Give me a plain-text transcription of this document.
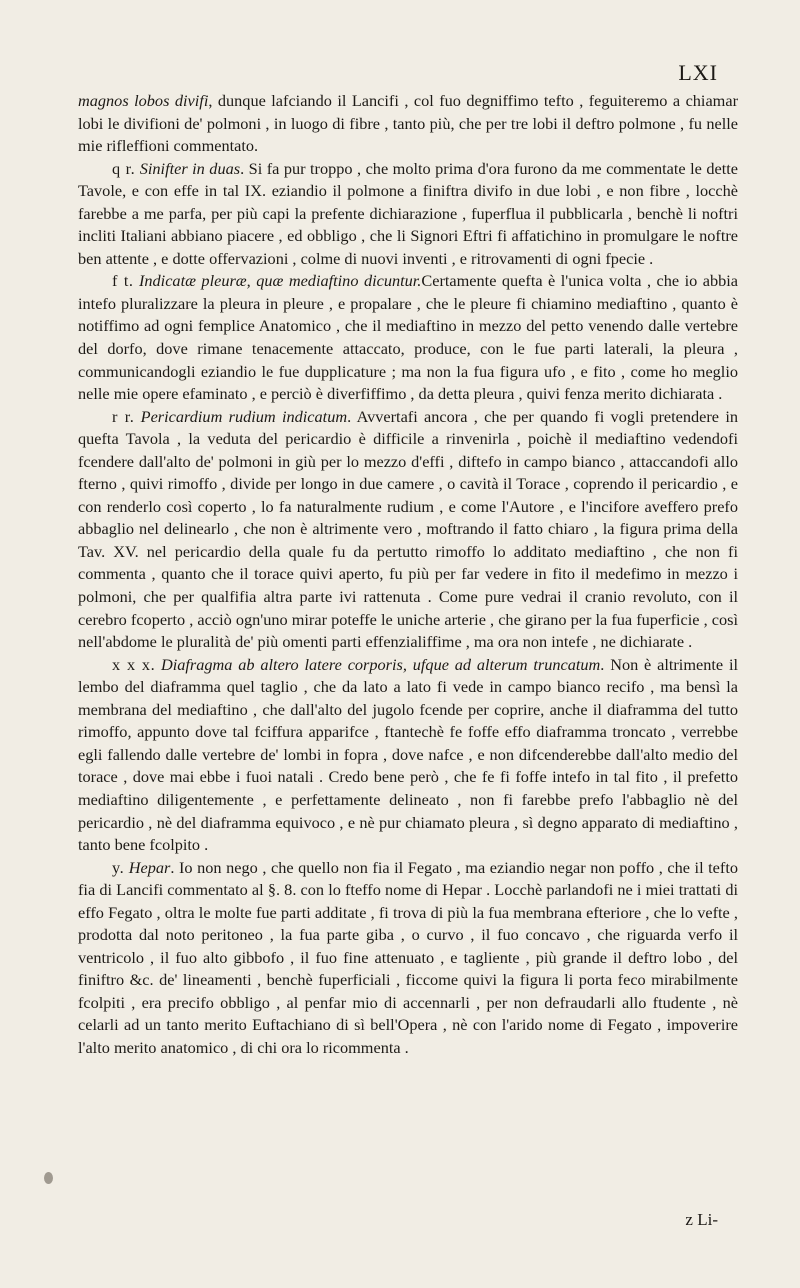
LXI

magnos lobos divifi, dunque lafciando il Lancifi , col fuo degniffimo tefto , feguiteremo a chiamar lobi le divifioni de' polmoni , in luogo di fibre , tanto più, che per tre lobi il deftro polmone , fu nelle mie rifleffioni commentato.

q r. Sinifter in duas. Si fa pur troppo , che molto prima d'ora furono da me commentate le dette Tavole, e con effe in tal IX. eziandio il polmone a finiftra divifo in due lobi , e non fibre , locchè farebbe a me parfa, per più capi la prefente dichiarazione , fuperflua il pubblicarla , benchè li noftri incliti Italiani abbiano piacere , ed obbligo , che li Signori Eftri fi affatichino in promulgare le noftre ben attente , e dotte offervazioni , colme di nuovi inventi , e ritrovamenti di ogni fpecie .

f t. Indicatæ pleuræ, quæ mediaftino dicuntur.Certamente quefta è l'unica volta , che io abbia intefo pluralizzare la pleura in pleure , e propalare , che le pleure fi chiamino mediaftino , quanto è notiffimo ad ogni femplice Anatomico , che il mediaftino in mezzo del petto venendo dalle vertebre del dorfo, dove rimane tenacemente attaccato, produce, con le fue parti laterali, la pleura , communicandogli eziandio le fue dupplicature ; ma non la fua figura ufo , e fito , come ho meglio nelle mie opere efaminato , e perciò è diverfiffimo , da detta pleura , quivi fenza merito dichiarata .

r r. Pericardium rudium indicatum. Avvertafi ancora , che per quando fi vogli pretendere in quefta Tavola , la veduta del pericardio è difficile a rinvenirla , poichè il mediaftino vedendofi fcendere dall'alto de' polmoni in giù per lo mezzo d'effi , diftefo in campo bianco , attaccandofi allo fterno , quivi rimoffo , divide per longo in due camere , o cavità il Torace , coprendo il pericardio , e con renderlo così coperto , lo fa naturalmente rudium , e come l'Autore , e l'incifore aveffero prefo abbaglio nel delinearlo , che non è altrimente vero , moftrando il fatto chiaro , la figura prima della Tav. XV. nel pericardio della quale fu da pertutto rimoffo lo additato mediaftino , che non fi commenta , quanto che il torace quivi aperto, fu più per far vedere in fito il medefimo in mezzo i polmoni, che per qualfifia altra parte ivi rattenuta . Come pure vedrai il cranio revoluto, con il cerebro fcoperto , acciò ogn'uno mirar poteffe le uniche arterie , che girano per la fua fuperficie , così nell'abdome le pluralità de' più omenti parti effenzialiffime , ma ora non intefe , ne dichiarate .

x x x. Diafragma ab altero latere corporis, ufque ad alterum truncatum. Non è altrimente il lembo del diaframma quel taglio , che da lato a lato fi vede in campo bianco recifo , ma bensì la membrana del mediaftino , che dall'alto del jugolo fcende per coprire, anche il diaframma del tutto rimoffo, appunto dove tal fciffura apparifce , ftantechè fe foffe effo diaframma troncato , verrebbe egli fallendo dalle vertebre de' lombi in fopra , dove nafce , e non difcenderebbe dall'alto medio del torace , dove mai ebbe i fuoi natali . Credo bene però , che fe fi foffe intefo in tal fito , il prefetto mediaftino diligentemente , e perfettamente delineato , non fi farebbe prefo l'abbaglio nè del pericardio , nè del diaframma equivoco , e nè pur chiamato pleura , sì degno apparato di mediaftino , tanto bene fcolpito .

y. Hepar. Io non nego , che quello non fia il Fegato , ma eziandio negar non poffo , che il tefto fia di Lancifi commentato al §. 8. con lo fteffo nome di Hepar . Locchè parlandofi ne i miei trattati di effo Fegato , oltra le molte fue parti additate , fi trova di più la fua membrana efteriore , che lo vefte , prodotta dal noto peritoneo , la fua parte giba , o curvo , il fuo concavo , che riguarda verfo il ventricolo , il fuo alto gibbofo , il fuo fine attenuato , e tagliente , più grande il deftro lobo , del finiftro &c. de' lineamenti , benchè fuperficiali , ficcome quivi la figura li porta feco mirabilmente fcolpiti , era precifo obbligo , al penfar mio di accennarli , per non defraudarli allo ftudente , nè celarli ad un tanto merito Euftachiano di sì bell'Opera , nè con l'arido nome di Fegato , impoverire l'alto merito anatomico , di chi ora lo ricommenta .

z Li-
